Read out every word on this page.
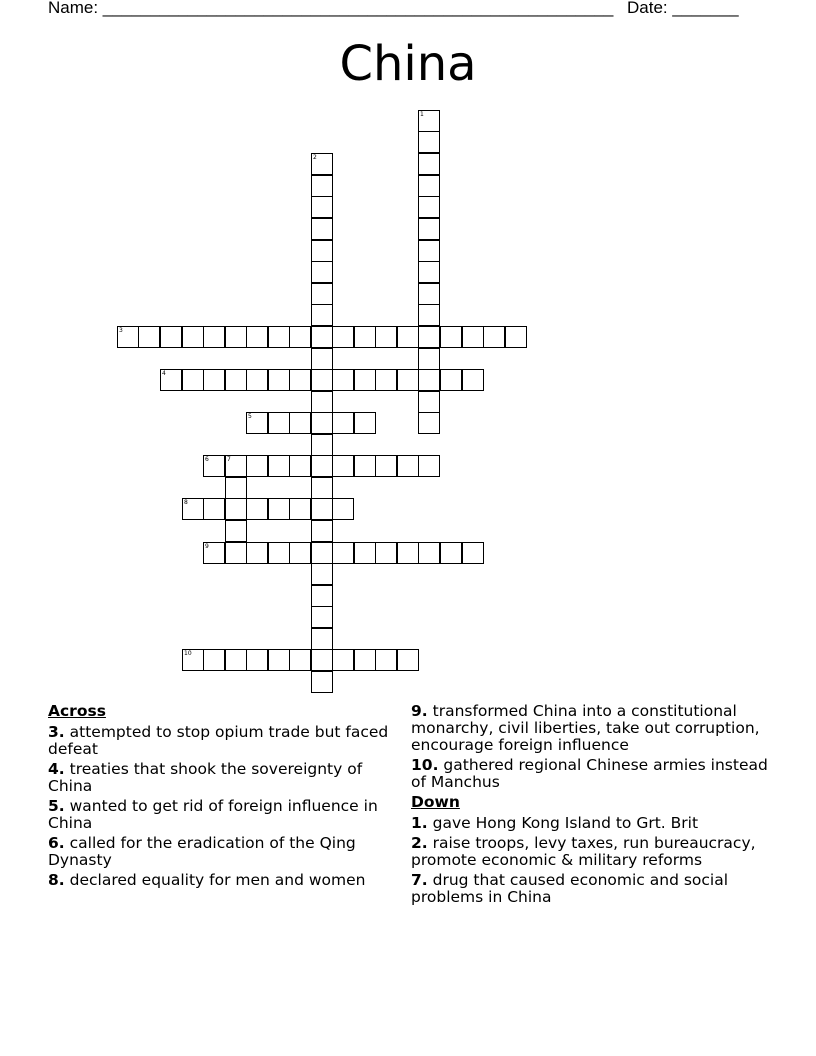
Name: ______________________________________________________ Date: _______
China
1
2
3
4
5
6	7
8
9
10
Across
3. attempted to stop opium trade but faced defeat
4. treaties that shook the sovereignty of China
5. wanted to get rid of foreign influence in China
6. called for the eradication of the Qing Dynasty
8. declared equality for men and women
9. transformed China into a constitutional monarchy, civil liberties, take out corruption, encourage foreign influence
10. gathered regional Chinese armies instead of Manchus
Down
1. gave Hong Kong Island to Grt. Brit
2. raise troops, levy taxes, run bureaucracy, promote economic & military reforms
7. drug that caused economic and social problems in China
